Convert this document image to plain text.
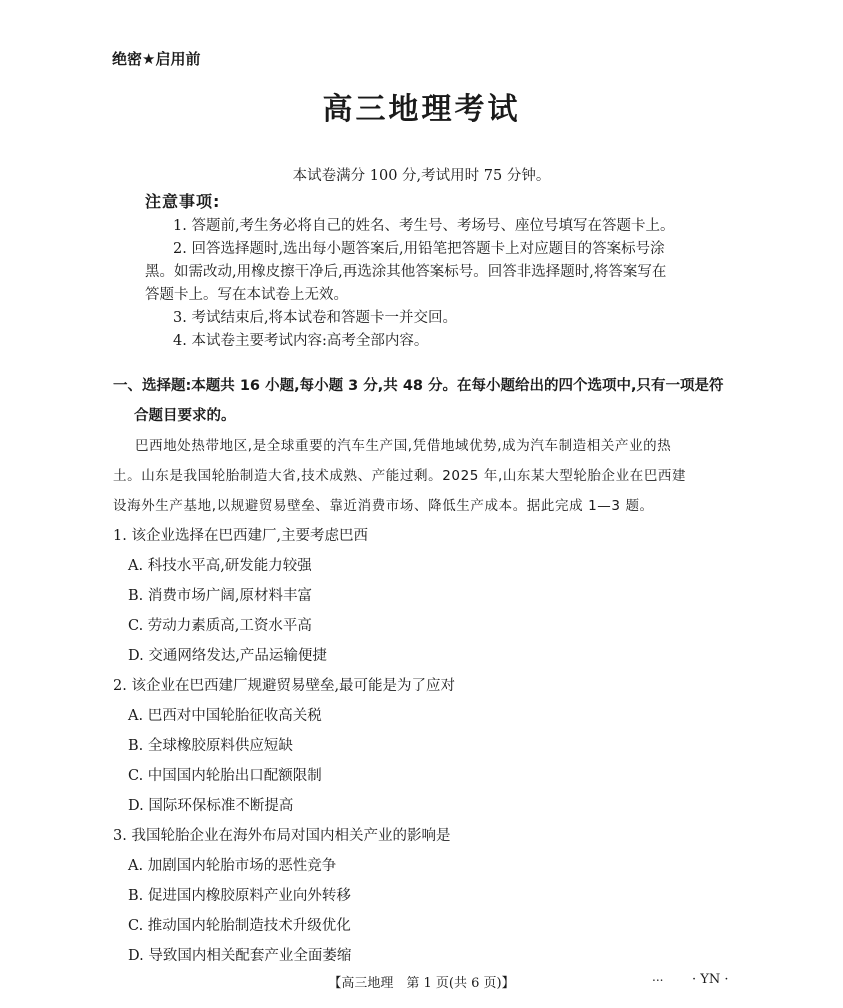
绝密★启用前
高三地理考试
本试卷满分 100 分,考试用时 75 分钟。
注意事项:
1. 答题前,考生务必将自己的姓名、考生号、考场号、座位号填写在答题卡上。
2. 回答选择题时,选出每小题答案后,用铅笔把答题卡上对应题目的答案标号涂
黑。如需改动,用橡皮擦干净后,再选涂其他答案标号。回答非选择题时,将答案写在
答题卡上。写在本试卷上无效。
3. 考试结束后,将本试卷和答题卡一并交回。
4. 本试卷主要考试内容:高考全部内容。
一、选择题:本题共 16 小题,每小题 3 分,共 48 分。在每小题给出的四个选项中,只有一项是符
合题目要求的。
巴西地处热带地区,是全球重要的汽车生产国,凭借地域优势,成为汽车制造相关产业的热
土。山东是我国轮胎制造大省,技术成熟、产能过剩。2025 年,山东某大型轮胎企业在巴西建
设海外生产基地,以规避贸易壁垒、靠近消费市场、降低生产成本。据此完成 1—3 题。
1. 该企业选择在巴西建厂,主要考虑巴西
A. 科技水平高,研发能力较强
B. 消费市场广阔,原材料丰富
C. 劳动力素质高,工资水平高
D. 交通网络发达,产品运输便捷
2. 该企业在巴西建厂规避贸易壁垒,最可能是为了应对
A. 巴西对中国轮胎征收高关税
B. 全球橡胶原料供应短缺
C. 中国国内轮胎出口配额限制
D. 国际环保标准不断提高
3. 我国轮胎企业在海外布局对国内相关产业的影响是
A. 加剧国内轮胎市场的恶性竞争
B. 促进国内橡胶原料产业向外转移
C. 推动国内轮胎制造技术升级优化
D. 导致国内相关配套产业全面萎缩
【高三地理　第 1 页(共 6 页)】	... · YN ·
